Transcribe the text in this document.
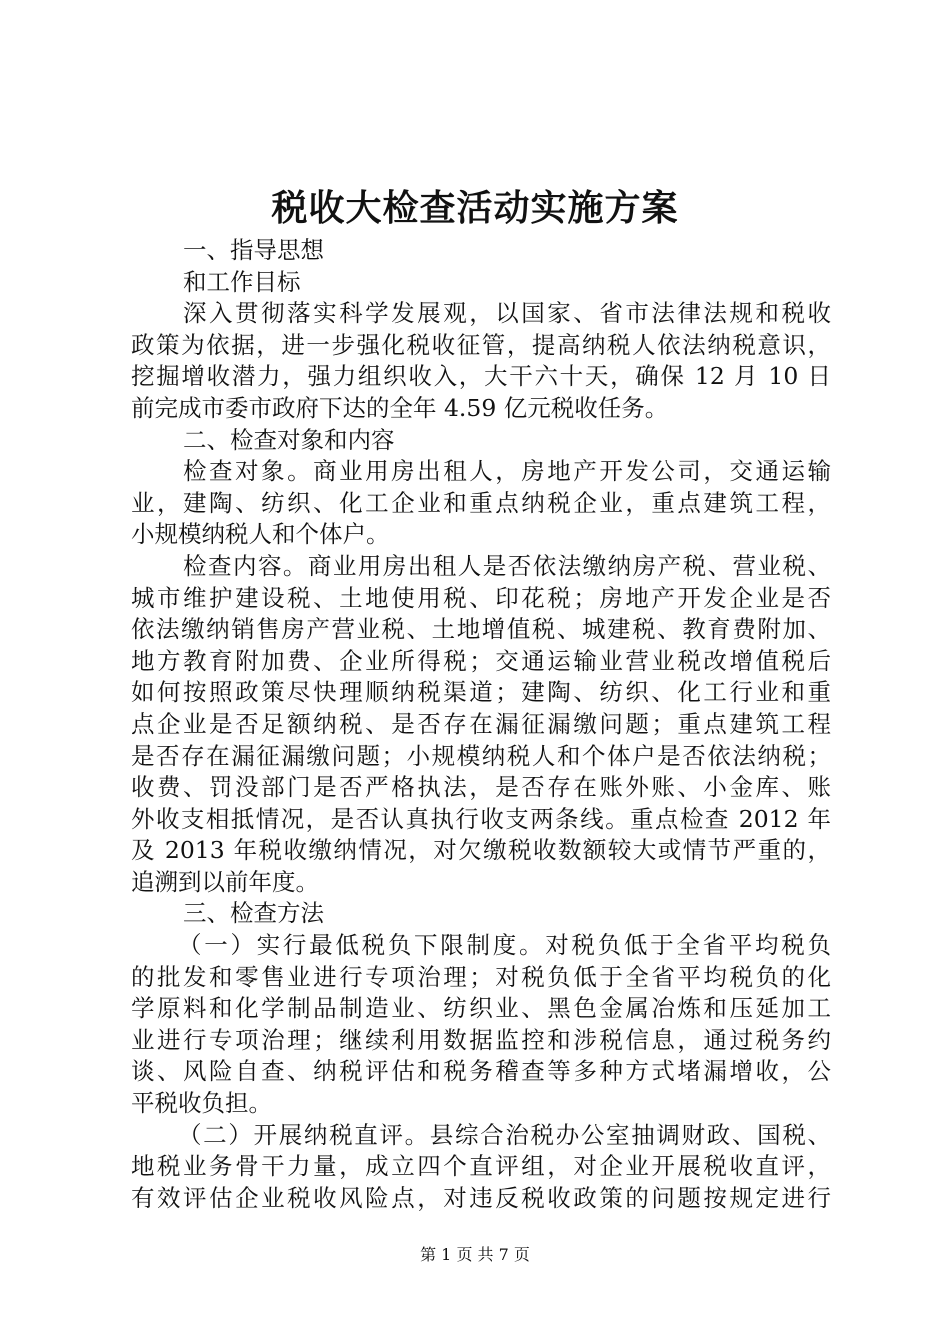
税收大检查活动实施方案
一、指导思想
和工作目标
深入贯彻落实科学发展观，以国家、省市法律法规和税收
政策为依据，进一步强化税收征管，提高纳税人依法纳税意识，
挖掘增收潜力，强力组织收入，大干六十天，确保 12 月 10 日
前完成市委市政府下达的全年 4.59 亿元税收任务。
二、检查对象和内容
检查对象。商业用房出租人，房地产开发公司，交通运输
业，建陶、纺织、化工企业和重点纳税企业，重点建筑工程，
小规模纳税人和个体户。
检查内容。商业用房出租人是否依法缴纳房产税、营业税、
城市维护建设税、土地使用税、印花税；房地产开发企业是否
依法缴纳销售房产营业税、土地增值税、城建税、教育费附加、
地方教育附加费、企业所得税；交通运输业营业税改增值税后
如何按照政策尽快理顺纳税渠道；建陶、纺织、化工行业和重
点企业是否足额纳税、是否存在漏征漏缴问题；重点建筑工程
是否存在漏征漏缴问题；小规模纳税人和个体户是否依法纳税；
收费、罚没部门是否严格执法，是否存在账外账、小金库、账
外收支相抵情况，是否认真执行收支两条线。重点检查 2012 年
及 2013 年税收缴纳情况，对欠缴税收数额较大或情节严重的，
追溯到以前年度。
三、检查方法
（一）实行最低税负下限制度。对税负低于全省平均税负
的批发和零售业进行专项治理；对税负低于全省平均税负的化
学原料和化学制品制造业、纺织业、黑色金属冶炼和压延加工
业进行专项治理；继续利用数据监控和涉税信息，通过税务约
谈、风险自查、纳税评估和税务稽查等多种方式堵漏增收，公
平税收负担。
（二）开展纳税直评。县综合治税办公室抽调财政、国税、
地税业务骨干力量，成立四个直评组，对企业开展税收直评，
有效评估企业税收风险点，对违反税收政策的问题按规定进行
第 1 页 共 7 页
